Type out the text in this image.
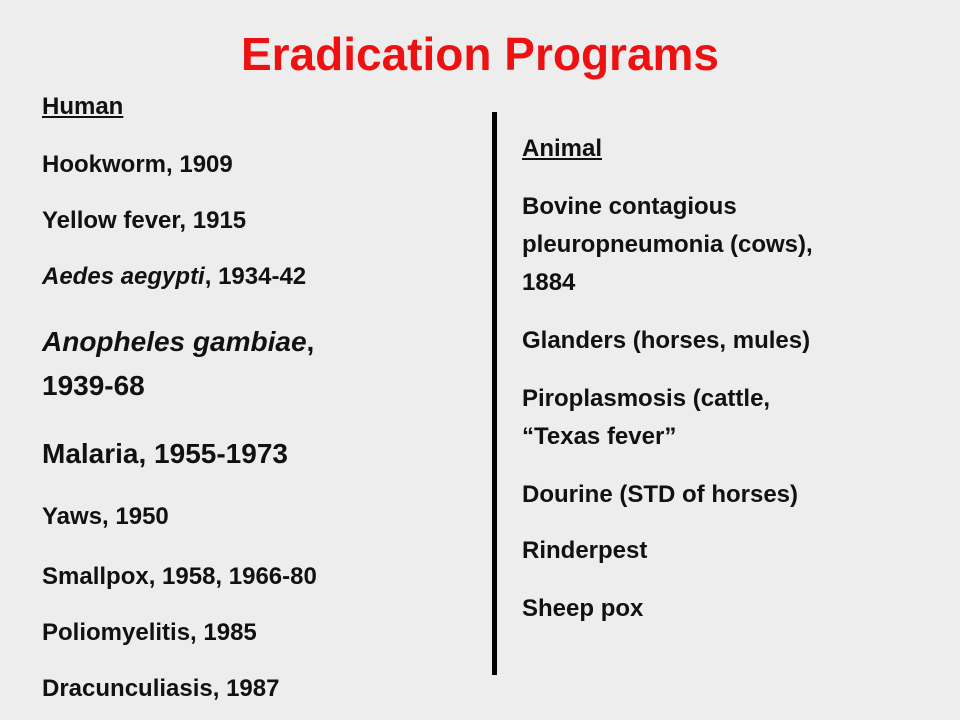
Eradication Programs
Human
Hookworm, 1909
Yellow fever, 1915
Aedes aegypti, 1934-42
Anopheles gambiae,
1939-68
Malaria, 1955-1973
Yaws, 1950
Smallpox, 1958, 1966-80
Poliomyelitis, 1985
Dracunculiasis, 1987
Animal
Bovine contagious
pleuropneumonia (cows),
1884
Glanders (horses, mules)
Piroplasmosis (cattle,
“Texas fever”
Dourine (STD of horses)
Rinderpest
Sheep pox
